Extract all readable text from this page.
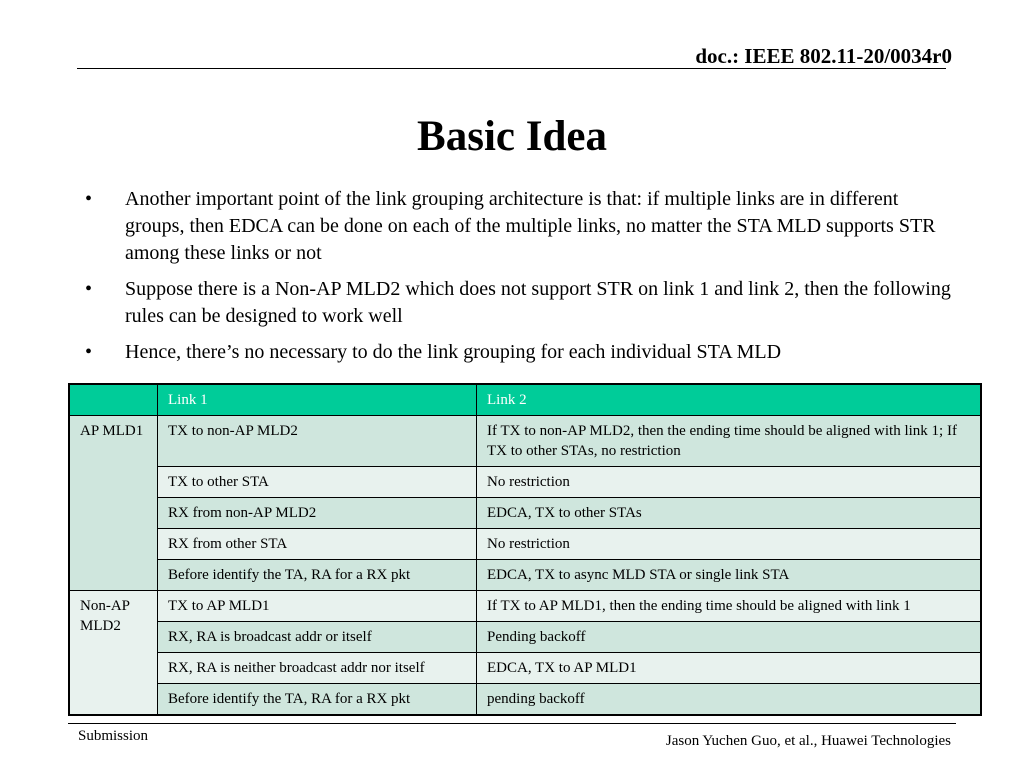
doc.: IEEE 802.11-20/0034r0
Basic Idea
• Another important point of the link grouping architecture is that: if multiple links are in different groups, then EDCA can be done on each of the multiple links, no matter the STA MLD supports STR among these links or not
• Suppose there is a Non-AP MLD2 which does not support STR on link 1 and link 2, then the following rules can be designed to work well
• Hence, there’s no necessary to do the link grouping for each individual STA MLD
	Link 1	Link 2
AP MLD1	TX to non-AP MLD2	If TX to non-AP MLD2, then the ending time should be aligned with link 1; If TX to other STAs, no restriction
	TX to other STA	No restriction
	RX from non-AP MLD2	EDCA, TX to other STAs
	RX from other STA	No restriction
	Before identify the TA, RA for a RX pkt	EDCA, TX to async MLD STA or single link STA
Non-AP MLD2	TX to AP MLD1	If TX to AP MLD1, then the ending time should be aligned with link 1
	RX, RA is broadcast addr or itself	Pending backoff
	RX, RA is neither broadcast addr nor itself	EDCA, TX to AP MLD1
	Before identify the TA, RA for a RX pkt	pending backoff
Submission	Jason Yuchen Guo, et al., Huawei Technologies
